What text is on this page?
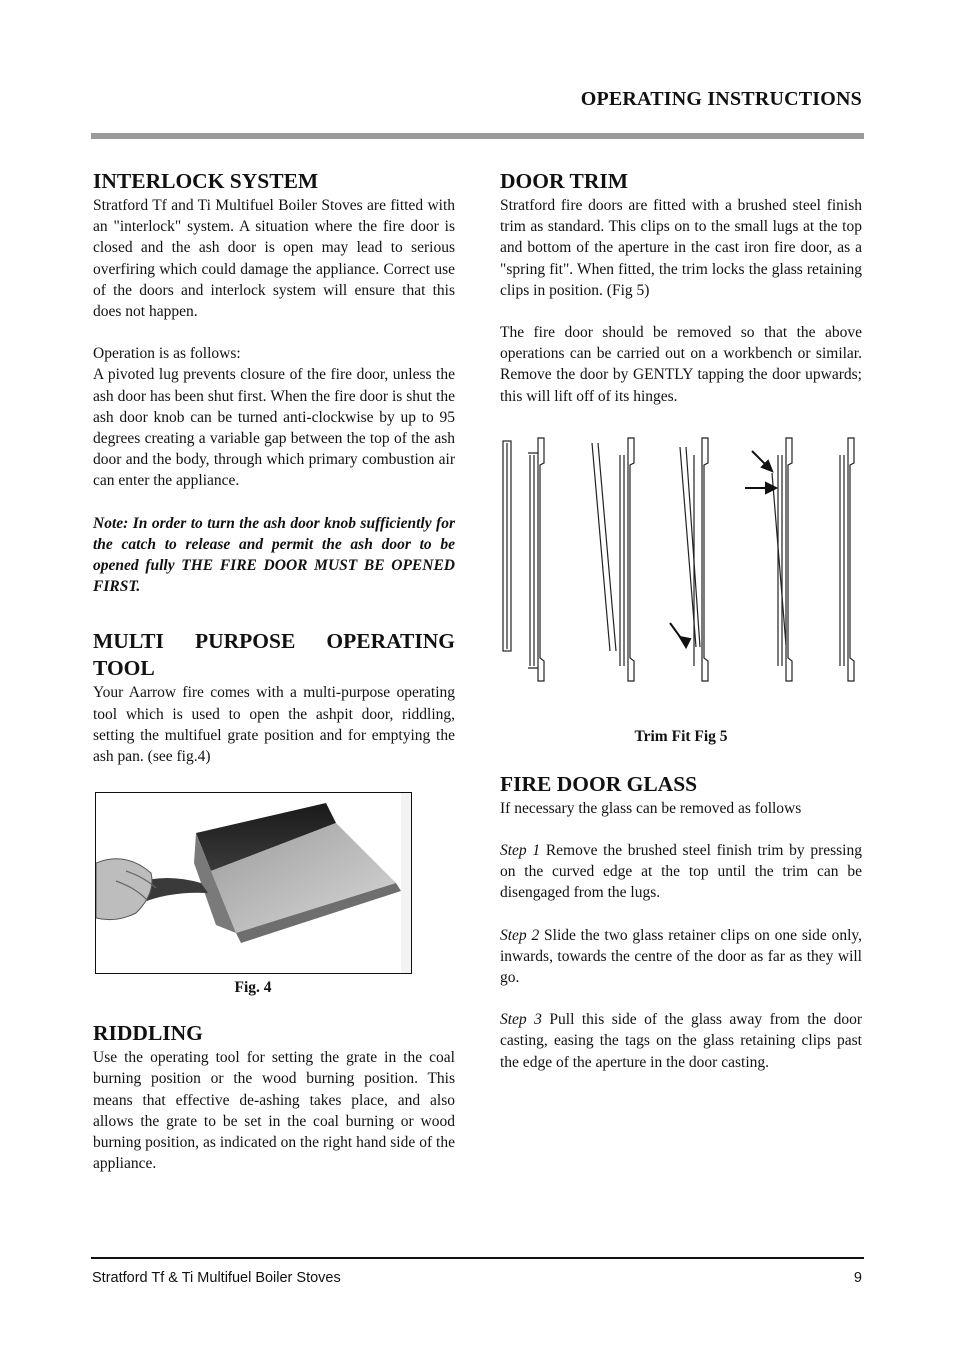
OPERATING INSTRUCTIONS
INTERLOCK SYSTEM

Stratford Tf and Ti Multifuel Boiler Stoves are fitted with an "interlock" system. A situation where the fire door is closed and the ash door is open may lead to serious overfiring which could damage the appliance. Correct use of the doors and interlock system will ensure that this does not happen.

Operation is as follows:

A pivoted lug prevents closure of the fire door, unless the ash door has been shut first. When the fire door is shut the ash door knob can be turned anti-clockwise by up to 95 degrees creating a variable gap between the top of the ash door and the body, through which primary combustion air can enter the appliance.

Note: In order to turn the ash door knob sufficiently for the catch to release and permit the ash door to be opened fully THE FIRE DOOR MUST BE OPENED FIRST.

MULTI PURPOSE OPERATING TOOL

Your Aarrow fire comes with a multi-purpose operating tool which is used to open the ashpit door, riddling, setting the multifuel grate position and for emptying the ash pan. (see fig.4)

Fig. 4
RIDDLING

Use the operating tool for setting the grate in the coal burning position or the wood burning position. This means that effective de-ashing takes place, and also allows the grate to be set in the coal burning or wood burning position, as indicated on the right hand side of the appliance.

DOOR TRIM

Stratford fire doors are fitted with a brushed steel finish trim as standard. This clips on to the small lugs at the top and bottom of the aperture in the cast iron fire door, as a "spring fit". When fitted, the trim locks the glass retaining clips in position. (Fig 5)

The fire door should be removed so that the above operations can be carried out on a workbench or similar. Remove the door by GENTLY tapping the door upwards; this will lift off of its hinges.

Trim Fit Fig 5
FIRE DOOR GLASS

If necessary the glass can be removed as follows

Step 1 Remove the brushed steel finish trim by pressing on the curved edge at the top until the trim can be disengaged from the lugs.

Step 2 Slide the two glass retainer clips on one side only, inwards, towards the centre of the door as far as they will go.

Step 3 Pull this side of the glass away from the door casting, easing the tags on the glass retaining clips past the edge of the aperture in the door casting.

Stratford Tf & Ti Multifuel Boiler Stoves	9
